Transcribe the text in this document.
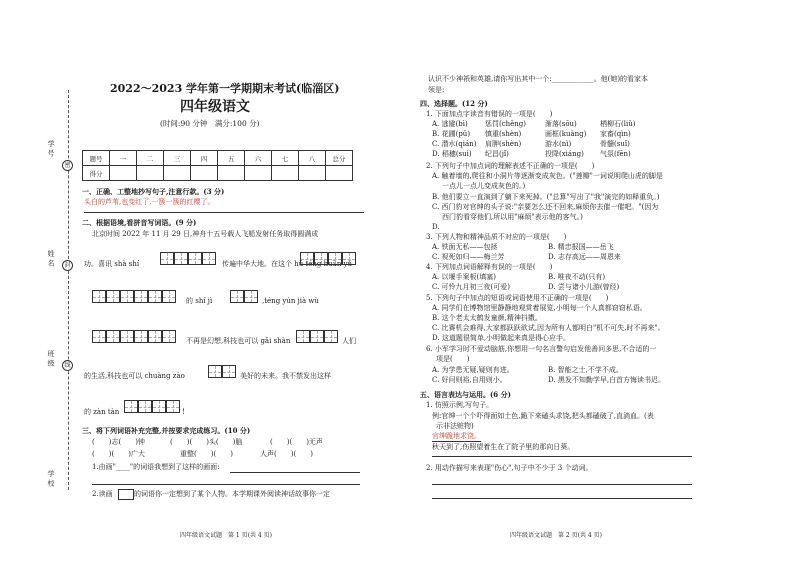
学 号
姓 名
班 级
学 校
密
封
线
2022～2023 学年第一学期期末考试(临淄区)
四年级语文
(时间:90 分钟　满分:100 分)
题号	一	二	三	四	五	六	七	八	总分
得分									
一、正确、工整地抄写句子,注意行款。(3 分)
头白的芦苇,也变红了,一簇一簇的红樱了。
二、根据语境,看拼音写词语。(9 分)
北京时间 2022 年 11 月 29 日,神舟十五号载人飞船发射任务取得圆满成
功。喜讯 shà shí	传遍中华大地。在这个 hū téng huān yǔ
的 shí jì	,téng yún jià wù
不再是幻想,科技也可以 gǎi shàn	人们
的生活,科技也可以 chuàng zào	美好的未来。我不禁发出这样
的 zàn tàn	!
三、将下列词语补充完整,并按要求完成练习。(10 分)
(　　)志(　　)钟	(　　)(　　)头(　　)脑	(　　)(　　)无声
(　　)(　　)广大	重整(　　)(　　)	人声(　　)(　　)
1.由画"____"的词语我想到了这样的画面:
2.读画	的词语你一定想到了某个人物。本学期课外阅读神话故事你一定
四年级语文试题　第 1 页(共 4 页)
认识不少神祇和英雄,请你写出其中一个:____________。他(她)的看家本
领是:
四、选择题。(12 分)
1. 下面加点字读音有错误的一项是(　　)
A. 逃避(bì) 惩罚(chěng)	渐落(sōu)	栖柳石(liǔ)
B. 花圃(pǔ) 慎重(shèn)	画框(kuàng) 家畜(qìn)
C. 潜水(qián) 肩胛(shèn)	游水(nì)	骨髓(suǐ)
D. 稻穗(suì) 纪昌(jǐ)	投降(xiáng) 气氛(fēn)
2. 下列句子中加点词的理解表述不正确的一项是(　　)
A. 触着墙的,爬往和小洞片等逐渐变成灰色。("莲瓣"一词说明爬山虎的脚是
一点儿一点儿变成灰色的。)
B. 他们要立一直演到了躺下来死掉。("总算"写出了"我"演完的如释重负。)
C. 西门豹对官绅的头子说:"亲要怎么还不回来,麻烦你去催一催吧。"(因为
西门豹看穿他们,所以用"麻烦"表示他的客气。)
D.
3. 下列人物和精神品质不对应的一项是(　　)
A. 铁面无私——包拯	B. 精忠报国——岳飞
C. 视死如归——梅兰芳	D. 志存高远——周恩来
4. 下列加点词语解释有误的一项是(　　)
A. 以堰手案板(填塞)	B. 唯夜不动(只有)
C. 可怜九月初三夜(可爱)	D. 尝与诸小儿游(曾经)
5. 下列句子中加点的短语或词语使用不正确的一项是(　　)
A. 同学们在博物馆里静静地观赏着展览,小明每一个人真都窃窃私语。
B. 这个老太太鹤发童颜,精神抖擞。
C. 比赛机会难得,大家都跃跃欲试,因为所有人都明白"机不可失,时不再来"。
D. 这道题很简单,小明做起来真是得心应手。
6. 小军学习时不爱动脑筋,你想用一句名言警句启发他善问多思,不合适的一
项是(　　)
A. 为学患无疑,疑则有进。	B. 智能之士,不学不成。
C. 好问则裕,自用则小。	D. 黑发不知勤学早,白首方悔读书迟。
五、语言表达与运用。(6 分)
1. 仿照示例,写句子。
例:官绅一个个吓得面如土色,跪下来磕头求饶,把头都磕破了,直淌血。(表
示非法赃物)
官绅跪地求饶。
秋天到了,伤照望着生在了院子里的那向日葵。
2. 用动作描写来表现"伤心",句子中不少于 3 个动词。
四年级语文试题　第 2 页(共 4 页)
